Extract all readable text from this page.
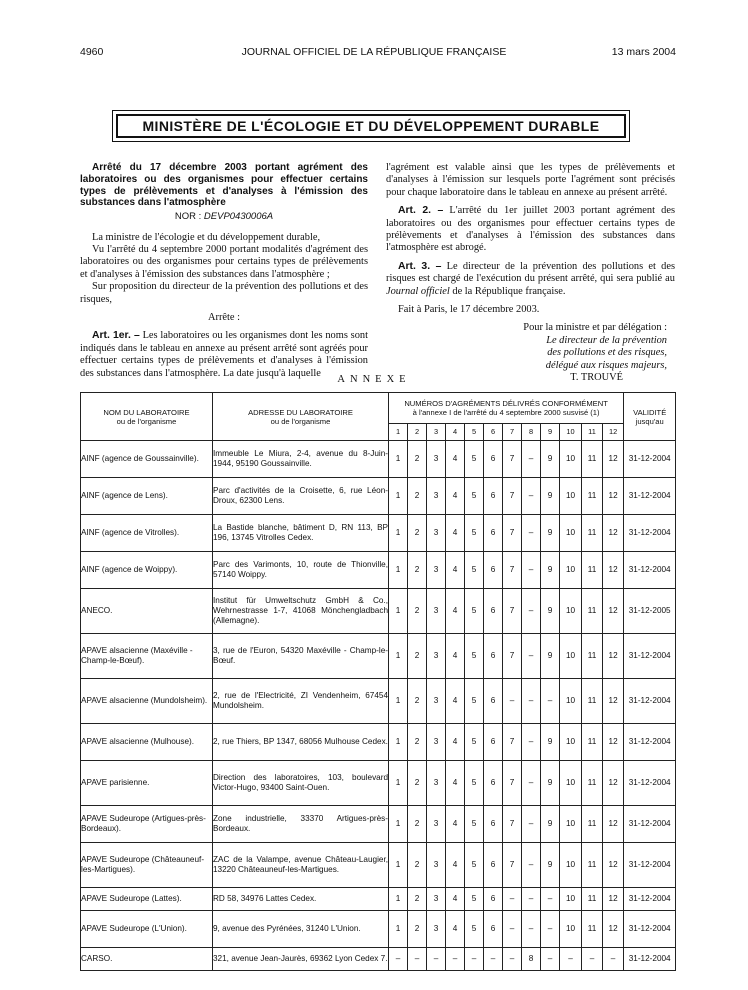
4960	JOURNAL OFFICIEL DE LA RÉPUBLIQUE FRANÇAISE	13 mars 2004
MINISTÈRE DE L'ÉCOLOGIE ET DU DÉVELOPPEMENT DURABLE

Arrêté du 17 décembre 2003 portant agrément des laboratoires ou des organismes pour effectuer certains types de prélèvements et d'analyses à l'émission des substances dans l'atmosphère

NOR : DEVP0430006A

La ministre de l'écologie et du développement durable,

Vu l'arrêté du 4 septembre 2000 portant modalités d'agrément des laboratoires ou des organismes pour certains types de prélèvements et d'analyses à l'émission des substances dans l'atmosphère ;

Sur proposition du directeur de la prévention des pollutions et des risques,

Arrête :

Art. 1er. – Les laboratoires ou les organismes dont les noms sont indiqués dans le tableau en annexe au présent arrêté sont agréés pour effectuer certains types de prélèvements et d'analyses à l'émission des substances dans l'atmosphère. La date jusqu'à laquelle

l'agrément est valable ainsi que les types de prélèvements et d'analyses à l'émission sur lesquels porte l'agrément sont précisés pour chaque laboratoire dans le tableau en annexe au présent arrêté.

Art. 2. – L'arrêté du 1er juillet 2003 portant agrément des laboratoires ou des organismes pour effectuer certains types de prélèvements et d'analyses à l'émission des substances dans l'atmosphère est abrogé.

Art. 3. – Le directeur de la prévention des pollutions et des risques est chargé de l'exécution du présent arrêté, qui sera publié au Journal officiel de la République française.

Fait à Paris, le 17 décembre 2003.

Pour la ministre et par délégation :

Le directeur de la prévention

des pollutions et des risques,

délégué aux risques majeurs,

T. TROUVÉ

ANNEXE
NOM DU LABORATOIRE
ou de l'organisme	ADRESSE DU LABORATOIRE
ou de l'organisme	NUMÉROS D'AGRÉMENTS DÉLIVRÉS CONFORMÉMENT
à l'annexe I de l'arrêté du 4 septembre 2000 susvisé (1)												VALIDITÉ
jusqu'au
		1	2	3	4	5	6	7	8	9	10	11	12	
AINF (agence de Goussainville).	Immeuble Le Miura, 2-4, avenue du 8-Juin-1944, 95190 Goussainville.	1	2	3	4	5	6	7	–	9	10	11	12	31-12-2004
AINF (agence de Lens).	Parc d'activités de la Croisette, 6, rue Léon-Droux, 62300 Lens.	1	2	3	4	5	6	7	–	9	10	11	12	31-12-2004
AINF (agence de Vitrolles).	La Bastide blanche, bâtiment D, RN 113, BP 196, 13745 Vitrolles Cedex.	1	2	3	4	5	6	7	–	9	10	11	12	31-12-2004
AINF (agence de Woippy).	Parc des Varimonts, 10, route de Thionville, 57140 Woippy.	1	2	3	4	5	6	7	–	9	10	11	12	31-12-2004
ANECO.	Institut für Umweltschutz GmbH & Co., Wehrnestrasse 1-7, 41068 Mönchengladbach (Allemagne).	1	2	3	4	5	6	7	–	9	10	11	12	31-12-2005
APAVE alsacienne (Maxéville - Champ-le-Bœuf).	3, rue de l'Euron, 54320 Maxéville - Champ-le-Bœuf.	1	2	3	4	5	6	7	–	9	10	11	12	31-12-2004
APAVE alsacienne (Mundolsheim).	2, rue de l'Electricité, ZI Vendenheim, 67454 Mundolsheim.	1	2	3	4	5	6	–	–	–	10	11	12	31-12-2004
APAVE alsacienne (Mulhouse).	2, rue Thiers, BP 1347, 68056 Mulhouse Cedex.	1	2	3	4	5	6	7	–	9	10	11	12	31-12-2004
APAVE parisienne.	Direction des laboratoires, 103, boulevard Victor-Hugo, 93400 Saint-Ouen.	1	2	3	4	5	6	7	–	9	10	11	12	31-12-2004
APAVE Sudeurope (Artigues-près-Bordeaux).	Zone industrielle, 33370 Artigues-près-Bordeaux.	1	2	3	4	5	6	7	–	9	10	11	12	31-12-2004
APAVE Sudeurope (Châteauneuf-les-Martigues).	ZAC de la Valampe, avenue Château-Laugier, 13220 Châteauneuf-les-Martigues.	1	2	3	4	5	6	7	–	9	10	11	12	31-12-2004
APAVE Sudeurope (Lattes).	RD 58, 34976 Lattes Cedex.	1	2	3	4	5	6	–	–	–	10	11	12	31-12-2004
APAVE Sudeurope (L'Union).	9, avenue des Pyrénées, 31240 L'Union.	1	2	3	4	5	6	–	–	–	10	11	12	31-12-2004
CARSO.	321, avenue Jean-Jaurès, 69362 Lyon Cedex 7.	–	–	–	–	–	–	–	8	–	–	–	–	31-12-2004
